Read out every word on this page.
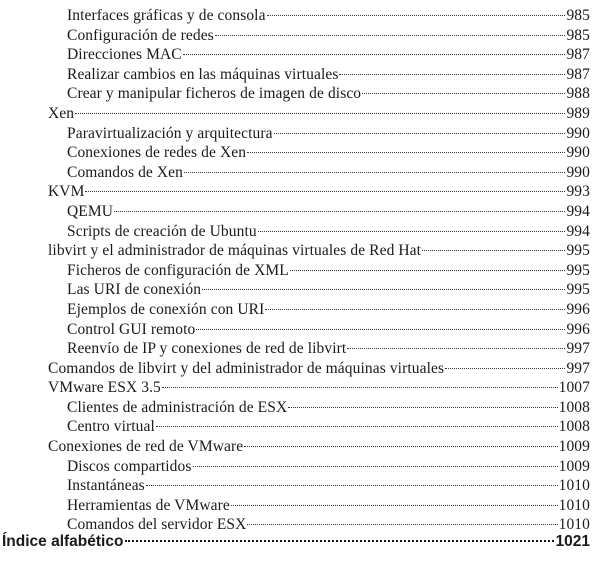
Interfaces gráficas y de consola	985
Configuración de redes	985
Direcciones MAC	987
Realizar cambios en las máquinas virtuales	987
Crear y manipular ficheros de imagen de disco	988
Xen	989
Paravirtualización y arquitectura	990
Conexiones de redes de Xen	990
Comandos de Xen	990
KVM	993
QEMU	994
Scripts de creación de Ubuntu	994
libvirt y el administrador de máquinas virtuales de Red Hat	995
Ficheros de configuración de XML	995
Las URI de conexión	995
Ejemplos de conexión con URI	996
Control GUI remoto	996
Reenvío de IP y conexiones de red de libvirt	997
Comandos de libvirt y del administrador de máquinas virtuales	997
VMware ESX 3.5	1007
Clientes de administración de ESX	1008
Centro virtual	1008
Conexiones de red de VMware	1009
Discos compartidos	1009
Instantáneas	1010
Herramientas de VMware	1010
Comandos del servidor ESX	1010
Índice alfabético	1021
